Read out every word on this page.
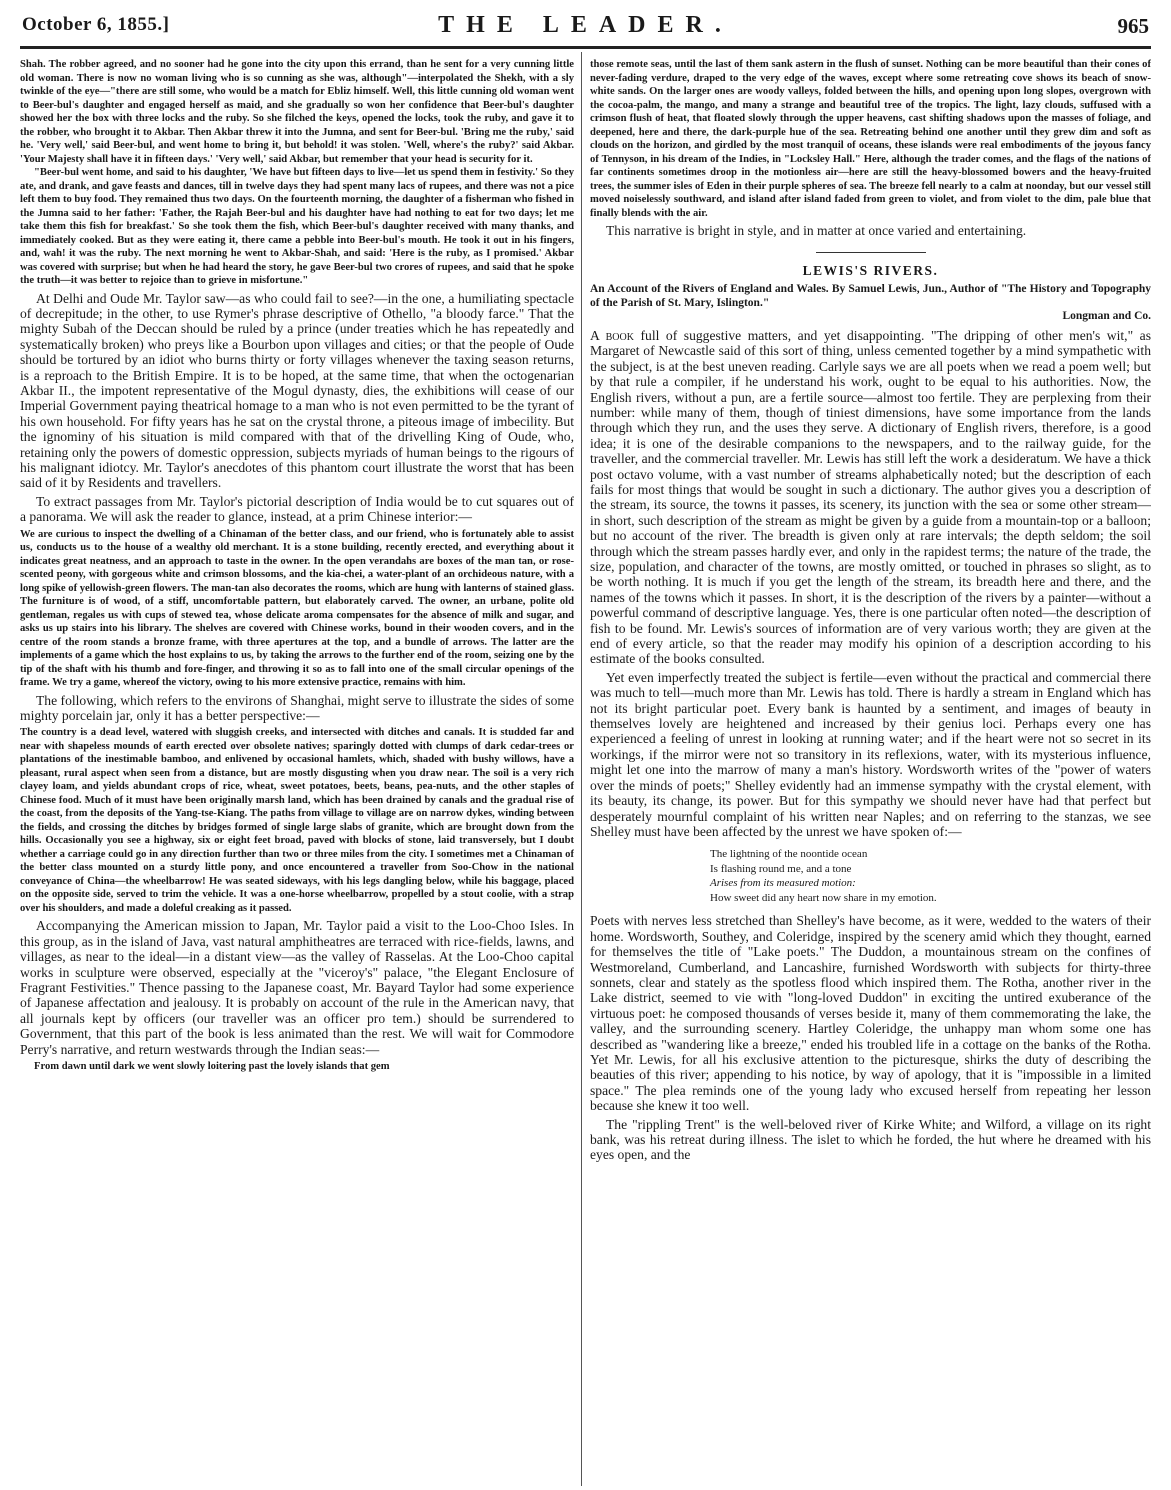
October 6, 1855.]	THE LEADER.	965

Shah. The robber agreed, and no sooner had he gone into the city upon this errand, than he sent for a very cunning little old woman. There is now no woman living who is so cunning as she was, although"—interpolated the Shekh, with a sly twinkle of the eye—"there are still some, who would be a match for Ebliz himself. Well, this little cunning old woman went to Beer-bul's daughter and engaged herself as maid, and she gradually so won her confidence that Beer-bul's daughter showed her the box with three locks and the ruby. So she filched the keys, opened the locks, took the ruby, and gave it to the robber, who brought it to Akbar. Then Akbar threw it into the Jumna, and sent for Beer-bul. 'Bring me the ruby,' said he. 'Very well,' said Beer-bul, and went home to bring it, but behold! it was stolen. 'Well, where's the ruby?' said Akbar. 'Your Majesty shall have it in fifteen days.' 'Very well,' said Akbar, but remember that your head is security for it.

"Beer-bul went home, and said to his daughter, 'We have but fifteen days to live—let us spend them in festivity.' So they ate, and drank, and gave feasts and dances, till in twelve days they had spent many lacs of rupees, and there was not a pice left them to buy food. They remained thus two days. On the fourteenth morning, the daughter of a fisherman who fished in the Jumna said to her father: 'Father, the Rajah Beer-bul and his daughter have had nothing to eat for two days; let me take them this fish for breakfast.' So she took them the fish, which Beer-bul's daughter received with many thanks, and immediately cooked. But as they were eating it, there came a pebble into Beer-bul's mouth. He took it out in his fingers, and, wah! it was the ruby. The next morning he went to Akbar-Shah, and said: 'Here is the ruby, as I promised.' Akbar was covered with surprise; but when he had heard the story, he gave Beer-bul two crores of rupees, and said that he spoke the truth—it was better to rejoice than to grieve in misfortune."

At Delhi and Oude Mr. Taylor saw—as who could fail to see?—in the one, a humiliating spectacle of decrepitude; in the other, to use Rymer's phrase descriptive of Othello, "a bloody farce." That the mighty Subah of the Deccan should be ruled by a prince (under treaties which he has repeatedly and systematically broken) who preys like a Bourbon upon villages and cities; or that the people of Oude should be tortured by an idiot who burns thirty or forty villages whenever the taxing season returns, is a reproach to the British Empire. It is to be hoped, at the same time, that when the octogenarian Akbar II., the impotent representative of the Mogul dynasty, dies, the exhibitions will cease of our Imperial Government paying theatrical homage to a man who is not even permitted to be the tyrant of his own household. For fifty years has he sat on the crystal throne, a piteous image of imbecility. But the ignominy of his situation is mild compared with that of the drivelling King of Oude, who, retaining only the powers of domestic oppression, subjects myriads of human beings to the rigours of his malignant idiotcy. Mr. Taylor's anecdotes of this phantom court illustrate the worst that has been said of it by Residents and travellers.

To extract passages from Mr. Taylor's pictorial description of India would be to cut squares out of a panorama. We will ask the reader to glance, instead, at a prim Chinese interior:—

We are curious to inspect the dwelling of a Chinaman of the better class, and our friend, who is fortunately able to assist us, conducts us to the house of a wealthy old merchant. It is a stone building, recently erected, and everything about it indicates great neatness, and an approach to taste in the owner. In the open verandahs are boxes of the man tan, or rose-scented peony, with gorgeous white and crimson blossoms, and the kia-chei, a water-plant of an orchideous nature, with a long spike of yellowish-green flowers. The man-tan also decorates the rooms, which are hung with lanterns of stained glass. The furniture is of wood, of a stiff, uncomfortable pattern, but elaborately carved. The owner, an urbane, polite old gentleman, regales us with cups of stewed tea, whose delicate aroma compensates for the absence of milk and sugar, and asks us up stairs into his library. The shelves are covered with Chinese works, bound in their wooden covers, and in the centre of the room stands a bronze frame, with three apertures at the top, and a bundle of arrows. The latter are the implements of a game which the host explains to us, by taking the arrows to the further end of the room, seizing one by the tip of the shaft with his thumb and fore-finger, and throwing it so as to fall into one of the small circular openings of the frame. We try a game, whereof the victory, owing to his more extensive practice, remains with him.

The following, which refers to the environs of Shanghai, might serve to illustrate the sides of some mighty porcelain jar, only it has a better perspective:—

The country is a dead level, watered with sluggish creeks, and intersected with ditches and canals. It is studded far and near with shapeless mounds of earth erected over obsolete natives; sparingly dotted with clumps of dark cedar-trees or plantations of the inestimable bamboo, and enlivened by occasional hamlets, which, shaded with bushy willows, have a pleasant, rural aspect when seen from a distance, but are mostly disgusting when you draw near. The soil is a very rich clayey loam, and yields abundant crops of rice, wheat, sweet potatoes, beets, beans, pea-nuts, and the other staples of Chinese food. Much of it must have been originally marsh land, which has been drained by canals and the gradual rise of the coast, from the deposits of the Yang-tse-Kiang. The paths from village to village are on narrow dykes, winding between the fields, and crossing the ditches by bridges formed of single large slabs of granite, which are brought down from the hills. Occasionally you see a highway, six or eight feet broad, paved with blocks of stone, laid transversely, but I doubt whether a carriage could go in any direction further than two or three miles from the city. I sometimes met a Chinaman of the better class mounted on a sturdy little pony, and once encountered a traveller from Soo-Chow in the national conveyance of China—the wheelbarrow! He was seated sideways, with his legs dangling below, while his baggage, placed on the opposite side, served to trim the vehicle. It was a one-horse wheelbarrow, propelled by a stout coolie, with a strap over his shoulders, and made a doleful creaking as it passed.

Accompanying the American mission to Japan, Mr. Taylor paid a visit to the Loo-Choo Isles. In this group, as in the island of Java, vast natural amphitheatres are terraced with rice-fields, lawns, and villages, as near to the ideal—in a distant view—as the valley of Rasselas. At the Loo-Choo capital works in sculpture were observed, especially at the "viceroy's" palace, "the Elegant Enclosure of Fragrant Festivities." Thence passing to the Japanese coast, Mr. Bayard Taylor had some experience of Japanese affectation and jealousy. It is probably on account of the rule in the American navy, that all journals kept by officers (our traveller was an officer pro tem.) should be surrendered to Government, that this part of the book is less animated than the rest. We will wait for Commodore Perry's narrative, and return westwards through the Indian seas:—

From dawn until dark we went slowly loitering past the lovely islands that gem

those remote seas, until the last of them sank astern in the flush of sunset. Nothing can be more beautiful than their cones of never-fading verdure, draped to the very edge of the waves, except where some retreating cove shows its beach of snow-white sands. On the larger ones are woody valleys, folded between the hills, and opening upon long slopes, overgrown with the cocoa-palm, the mango, and many a strange and beautiful tree of the tropics. The light, lazy clouds, suffused with a crimson flush of heat, that floated slowly through the upper heavens, cast shifting shadows upon the masses of foliage, and deepened, here and there, the dark-purple hue of the sea. Retreating behind one another until they grew dim and soft as clouds on the horizon, and girdled by the most tranquil of oceans, these islands were real embodiments of the joyous fancy of Tennyson, in his dream of the Indies, in "Locksley Hall." Here, although the trader comes, and the flags of the nations of far continents sometimes droop in the motionless air—here are still the heavy-blossomed bowers and the heavy-fruited trees, the summer isles of Eden in their purple spheres of sea. The breeze fell nearly to a calm at noonday, but our vessel still moved noiselessly southward, and island after island faded from green to violet, and from violet to the dim, pale blue that finally blends with the air.

This narrative is bright in style, and in matter at once varied and entertaining.

LEWIS'S RIVERS.

An Account of the Rivers of England and Wales. By Samuel Lewis, Jun., Author of "The History and Topography of the Parish of St. Mary, Islington."
Longman and Co.

A book full of suggestive matters, and yet disappointing. "The dripping of other men's wit," as Margaret of Newcastle said of this sort of thing, unless cemented together by a mind sympathetic with the subject, is at the best uneven reading. Carlyle says we are all poets when we read a poem well; but by that rule a compiler, if he understand his work, ought to be equal to his authorities. Now, the English rivers, without a pun, are a fertile source—almost too fertile. They are perplexing from their number: while many of them, though of tiniest dimensions, have some importance from the lands through which they run, and the uses they serve. A dictionary of English rivers, therefore, is a good idea; it is one of the desirable companions to the newspapers, and to the railway guide, for the traveller, and the commercial traveller. Mr. Lewis has still left the work a desideratum. We have a thick post octavo volume, with a vast number of streams alphabetically noted; but the description of each fails for most things that would be sought in such a dictionary. The author gives you a description of the stream, its source, the towns it passes, its scenery, its junction with the sea or some other stream—in short, such description of the stream as might be given by a guide from a mountain-top or a balloon; but no account of the river. The breadth is given only at rare intervals; the depth seldom; the soil through which the stream passes hardly ever, and only in the rapidest terms; the nature of the trade, the size, population, and character of the towns, are mostly omitted, or touched in phrases so slight, as to be worth nothing. It is much if you get the length of the stream, its breadth here and there, and the names of the towns which it passes. In short, it is the description of the rivers by a painter—without a powerful command of descriptive language. Yes, there is one particular often noted—the description of fish to be found. Mr. Lewis's sources of information are of very various worth; they are given at the end of every article, so that the reader may modify his opinion of a description according to his estimate of the books consulted.

Yet even imperfectly treated the subject is fertile—even without the practical and commercial there was much to tell—much more than Mr. Lewis has told. There is hardly a stream in England which has not its bright particular poet. Every bank is haunted by a sentiment, and images of beauty in themselves lovely are heightened and increased by their genius loci. Perhaps every one has experienced a feeling of unrest in looking at running water; and if the heart were not so secret in its workings, if the mirror were not so transitory in its reflexions, water, with its mysterious influence, might let one into the marrow of many a man's history. Wordsworth writes of the "power of waters over the minds of poets;" Shelley evidently had an immense sympathy with the crystal element, with its beauty, its change, its power. But for this sympathy we should never have had that perfect but desperately mournful complaint of his written near Naples; and on referring to the stanzas, we see Shelley must have been affected by the unrest we have spoken of:—

The lightning of the noontide ocean
Is flashing round me, and a tone
Arises from its measured motion:
How sweet did any heart now share in my emotion.

Poets with nerves less stretched than Shelley's have become, as it were, wedded to the waters of their home. Wordsworth, Southey, and Coleridge, inspired by the scenery amid which they thought, earned for themselves the title of "Lake poets." The Duddon, a mountainous stream on the confines of Westmoreland, Cumberland, and Lancashire, furnished Wordsworth with subjects for thirty-three sonnets, clear and stately as the spotless flood which inspired them. The Rotha, another river in the Lake district, seemed to vie with "long-loved Duddon" in exciting the untired exuberance of the virtuous poet: he composed thousands of verses beside it, many of them commemorating the lake, the valley, and the surrounding scenery. Hartley Coleridge, the unhappy man whom some one has described as "wandering like a breeze," ended his troubled life in a cottage on the banks of the Rotha. Yet Mr. Lewis, for all his exclusive attention to the picturesque, shirks the duty of describing the beauties of this river; appending to his notice, by way of apology, that it is "impossible in a limited space." The plea reminds one of the young lady who excused herself from repeating her lesson because she knew it too well.

The "rippling Trent" is the well-beloved river of Kirke White; and Wilford, a village on its right bank, was his retreat during illness. The islet to which he forded, the hut where he dreamed with his eyes open, and the
